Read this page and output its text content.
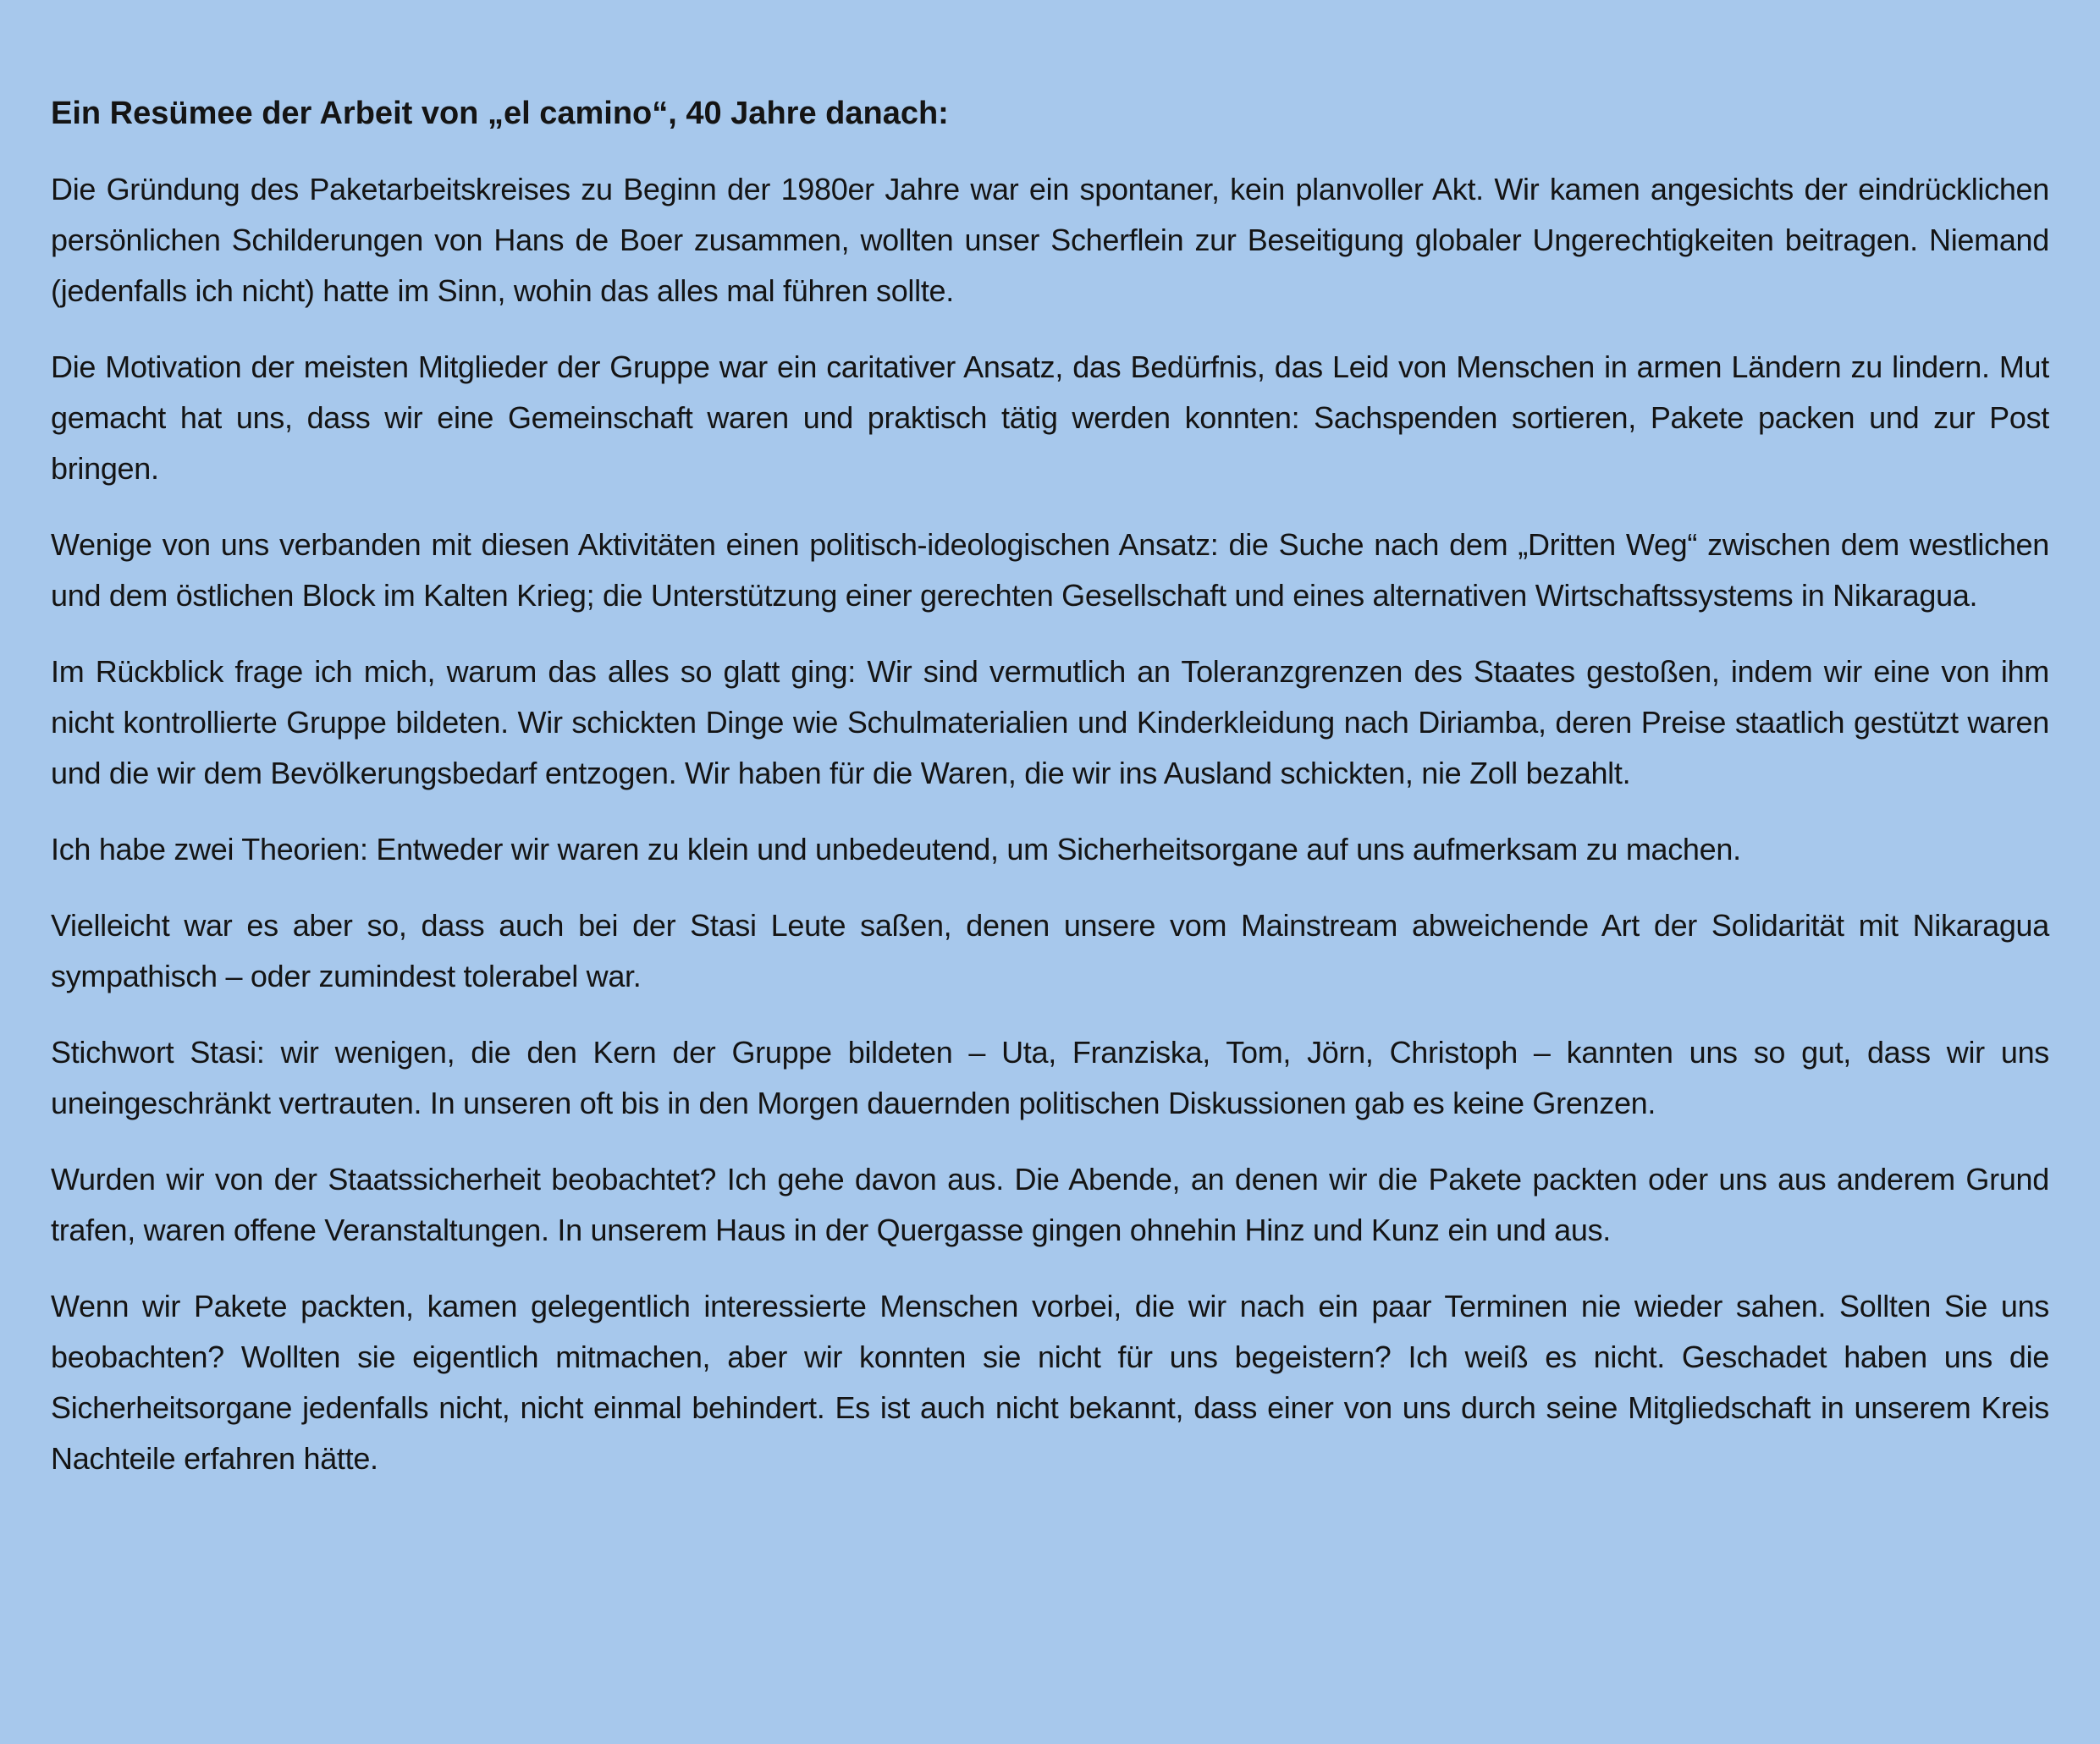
Ein Resümee der Arbeit von „el camino“, 40 Jahre danach:

Die Gründung des Paketarbeitskreises zu Beginn der 1980er Jahre war ein spontaner, kein planvoller Akt. Wir kamen angesichts der eindrücklichen persönlichen Schilderungen von Hans de Boer zusammen, wollten unser Scherflein zur Beseitigung globaler Ungerechtigkeiten beitragen. Niemand (jedenfalls ich nicht) hatte im Sinn, wohin das alles mal führen sollte.

Die Motivation der meisten Mitglieder der Gruppe war ein caritativer Ansatz, das Bedürfnis, das Leid von Menschen in armen Ländern zu lindern. Mut gemacht hat uns, dass wir eine Gemeinschaft waren und praktisch tätig werden konnten: Sachspenden sortieren, Pakete packen und zur Post bringen.

Wenige von uns verbanden mit diesen Aktivitäten einen politisch-ideologischen Ansatz: die Suche nach dem „Dritten Weg“ zwischen dem westlichen und dem östlichen Block im Kalten Krieg; die Unterstützung einer gerechten Gesellschaft und eines alternativen Wirtschaftssystems in Nikaragua.

Im Rückblick frage ich mich, warum das alles so glatt ging: Wir sind vermutlich an Toleranzgrenzen des Staates gestoßen, indem wir eine von ihm nicht kontrollierte Gruppe bildeten. Wir schickten Dinge wie Schulmaterialien und Kinderkleidung nach Diriamba, deren Preise staatlich gestützt waren und die wir dem Bevölkerungsbedarf entzogen. Wir haben für die Waren, die wir ins Ausland schickten, nie Zoll bezahlt.

Ich habe zwei Theorien: Entweder wir waren zu klein und unbedeutend, um Sicherheitsorgane auf uns aufmerksam zu machen.

Vielleicht war es aber so, dass auch bei der Stasi Leute saßen, denen unsere vom Mainstream abweichende Art der Solidarität mit Nikaragua sympathisch – oder zumindest tolerabel war.

Stichwort Stasi: wir wenigen, die den Kern der Gruppe bildeten – Uta, Franziska, Tom, Jörn, Christoph – kannten uns so gut, dass wir uns uneingeschränkt vertrauten. In unseren oft bis in den Morgen dauernden politischen Diskussionen gab es keine Grenzen.

Wurden wir von der Staatssicherheit beobachtet? Ich gehe davon aus. Die Abende, an denen wir die Pakete packten oder uns aus anderem Grund trafen, waren offene Veranstaltungen. In unserem Haus in der Quergasse gingen ohnehin Hinz und Kunz ein und aus.

Wenn wir Pakete packten, kamen gelegentlich interessierte Menschen vorbei, die wir nach ein paar Terminen nie wieder sahen. Sollten Sie uns beobachten? Wollten sie eigentlich mitmachen, aber wir konnten sie nicht für uns begeistern? Ich weiß es nicht. Geschadet haben uns die Sicherheitsorgane jedenfalls nicht, nicht einmal behindert. Es ist auch nicht bekannt, dass einer von uns durch seine Mitgliedschaft in unserem Kreis Nachteile erfahren hätte.
